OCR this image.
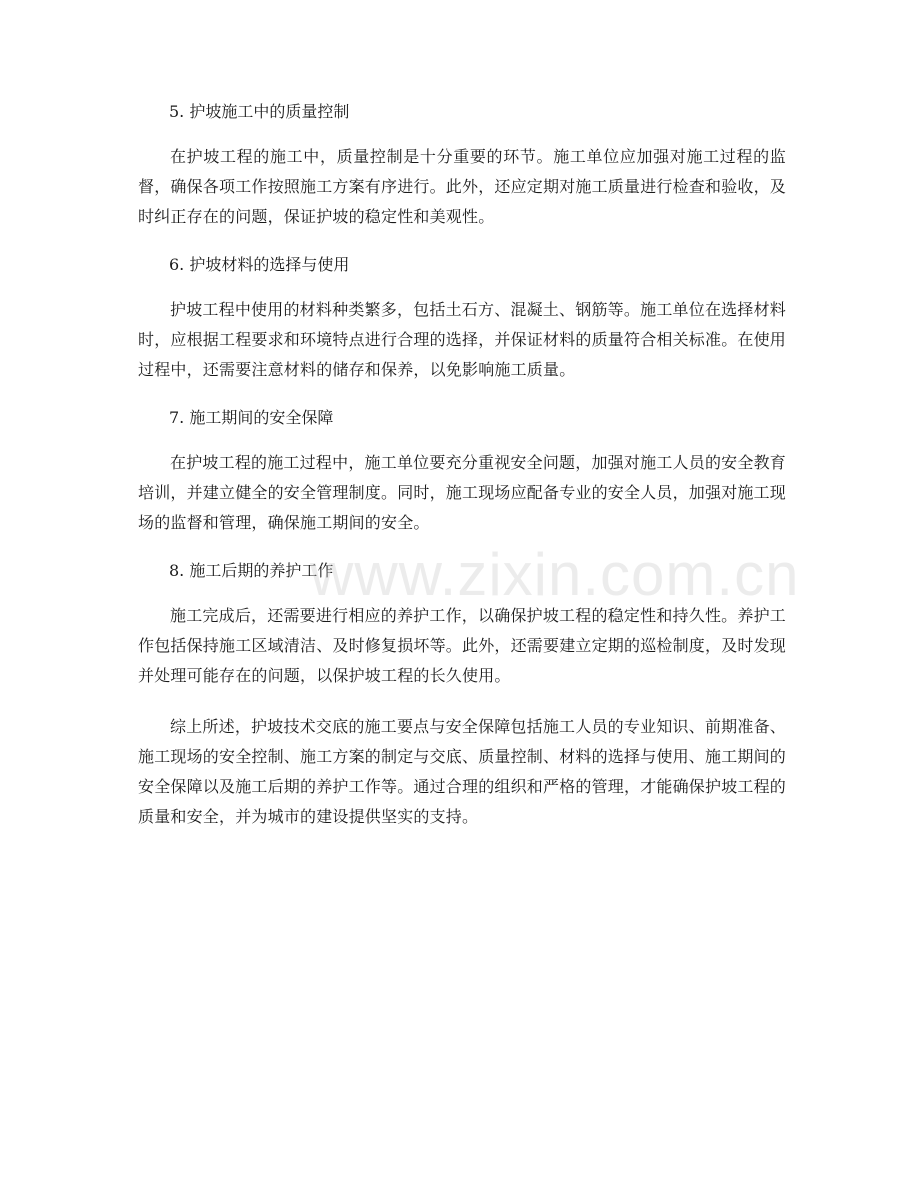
5. 护坡施工中的质量控制

在护坡工程的施工中，质量控制是十分重要的环节。施工单位应加强对施工过程的监督，确保各项工作按照施工方案有序进行。此外，还应定期对施工质量进行检查和验收，及时纠正存在的问题，保证护坡的稳定性和美观性。

6. 护坡材料的选择与使用

护坡工程中使用的材料种类繁多，包括土石方、混凝土、钢筋等。施工单位在选择材料时，应根据工程要求和环境特点进行合理的选择，并保证材料的质量符合相关标准。在使用过程中，还需要注意材料的储存和保养，以免影响施工质量。

7. 施工期间的安全保障

在护坡工程的施工过程中，施工单位要充分重视安全问题，加强对施工人员的安全教育培训，并建立健全的安全管理制度。同时，施工现场应配备专业的安全人员，加强对施工现场的监督和管理，确保施工期间的安全。

8. 施工后期的养护工作

施工完成后，还需要进行相应的养护工作，以确保护坡工程的稳定性和持久性。养护工作包括保持施工区域清洁、及时修复损坏等。此外，还需要建立定期的巡检制度，及时发现并处理可能存在的问题，以保护坡工程的长久使用。

综上所述，护坡技术交底的施工要点与安全保障包括施工人员的专业知识、前期准备、施工现场的安全控制、施工方案的制定与交底、质量控制、材料的选择与使用、施工期间的安全保障以及施工后期的养护工作等。通过合理的组织和严格的管理，才能确保护坡工程的质量和安全，并为城市的建设提供坚实的支持。

www.zixin.com.cn
